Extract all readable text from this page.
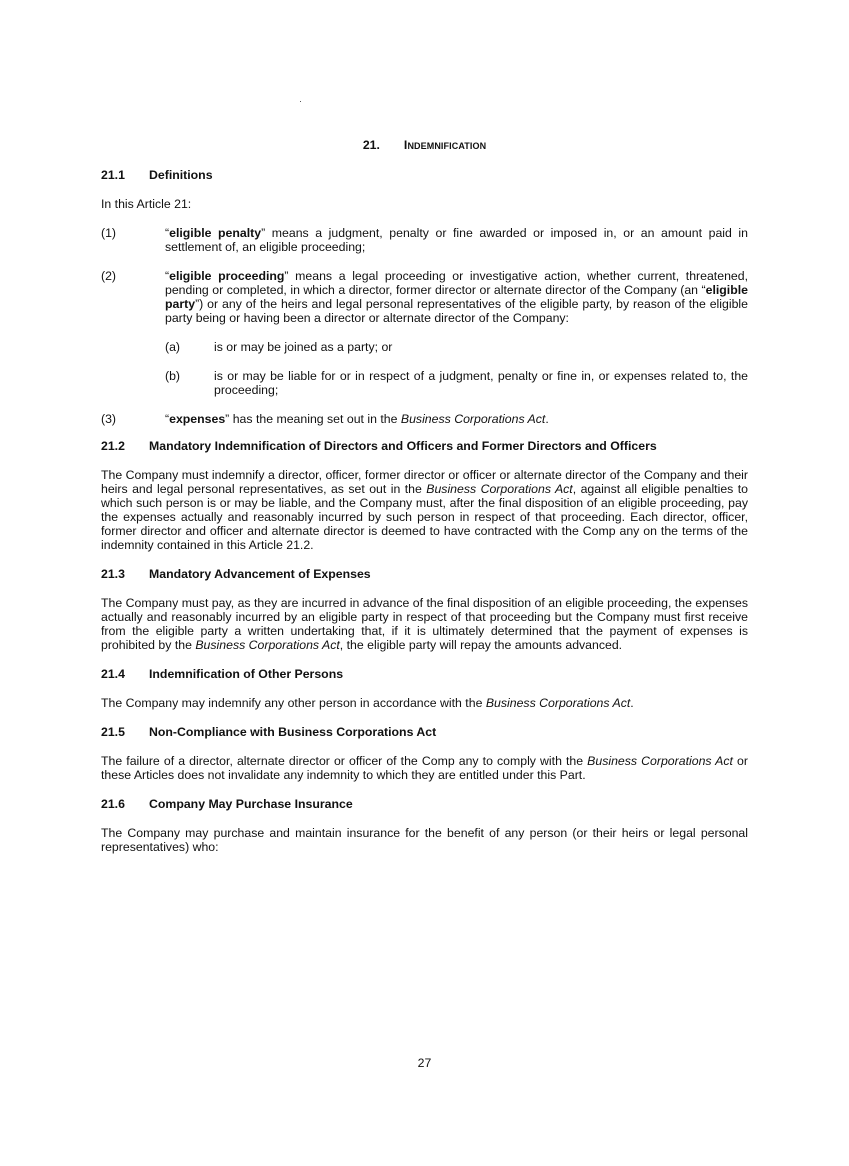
21. Indemnification
21.1 Definitions

In this Article 21:

(1)	“eligible penalty” means a judgment, penalty or fine awarded or imposed in, or an amount paid in settlement of, an eligible proceeding;
(2)	“eligible proceeding” means a legal proceeding or investigative action, whether current, threatened, pending or completed, in which a director, former director or alternate director of the Company (an “eligible party”) or any of the heirs and legal personal representatives of the eligible party, by reason of the eligible party being or having been a director or alternate director of the Company:
(a)	is or may be joined as a party; or
(b)	is or may be liable for or in respect of a judgment, penalty or fine in, or expenses related to, the proceeding;
(3)	“expenses” has the meaning set out in the Business Corporations Act.
21.2 Mandatory Indemnification of Directors and Officers and Former Directors and Officers

The Company must indemnify a director, officer, former director or officer or alternate director of the Company and their heirs and legal personal representatives, as set out in the Business Corporations Act, against all eligible penalties to which such person is or may be liable, and the Company must, after the final disposition of an eligible proceeding, pay the expenses actually and reasonably incurred by such person in respect of that proceeding. Each director, officer, former director and officer and alternate director is deemed to have contracted with the Comp any on the terms of the indemnity contained in this Article 21.2.

21.3 Mandatory Advancement of Expenses

The Company must pay, as they are incurred in advance of the final disposition of an eligible proceeding, the expenses actually and reasonably incurred by an eligible party in respect of that proceeding but the Company must first receive from the eligible party a written undertaking that, if it is ultimately determined that the payment of expenses is prohibited by the Business Corporations Act, the eligible party will repay the amounts advanced.

21.4 Indemnification of Other Persons

The Company may indemnify any other person in accordance with the Business Corporations Act.

21.5 Non-Compliance with Business Corporations Act

The failure of a director, alternate director or officer of the Comp any to comply with the Business Corporations Act or these Articles does not invalidate any indemnity to which they are entitled under this Part.

21.6 Company May Purchase Insurance

The Company may purchase and maintain insurance for the benefit of any person (or their heirs or legal personal representatives) who:

27
